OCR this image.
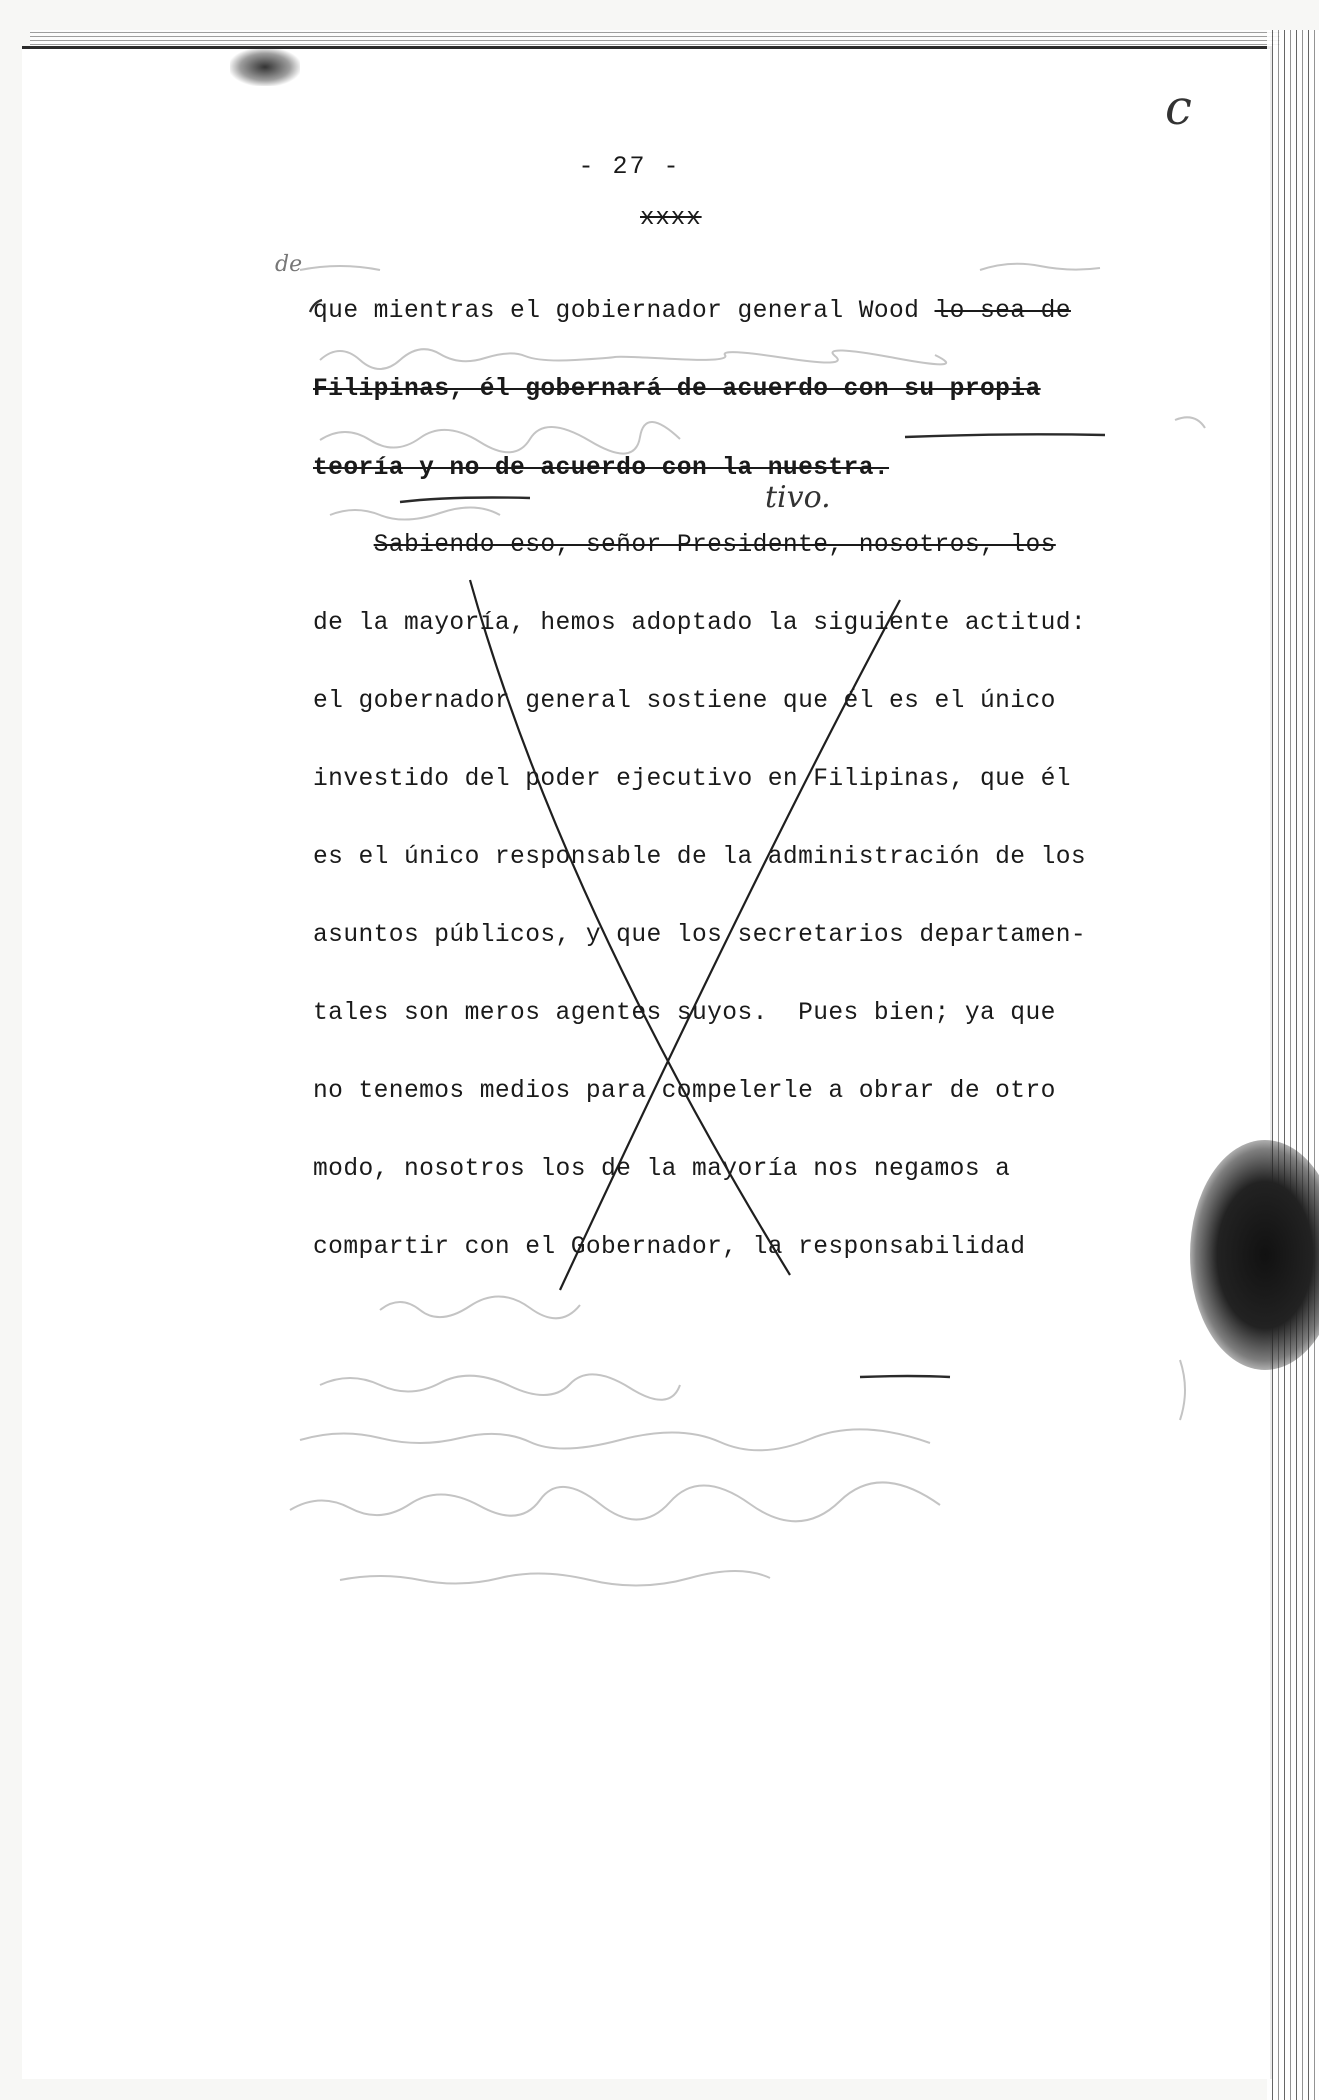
- 27 -
xxxx
c
de
que mientras el gobiernador general Wood lo sea de
Filipinas, él gobernará de acuerdo con su propia
teoría y no de acuerdo con la nuestra.
tivo.
Sabiendo eso, señor Presidente, nosotros, los
de la mayoría, hemos adoptado la siguiente actitud:
el gobernador general sostiene que él es el único
investido del poder ejecutivo en Filipinas, que él
es el único responsable de la administración de los
asuntos públicos, y que los secretarios departamen-
tales son meros agentes suyos.  Pues bien; ya que
no tenemos medios para compelerle a obrar de otro
modo, nosotros los de la mayoría nos negamos a
compartir con el Gobernador, la responsabilidad
